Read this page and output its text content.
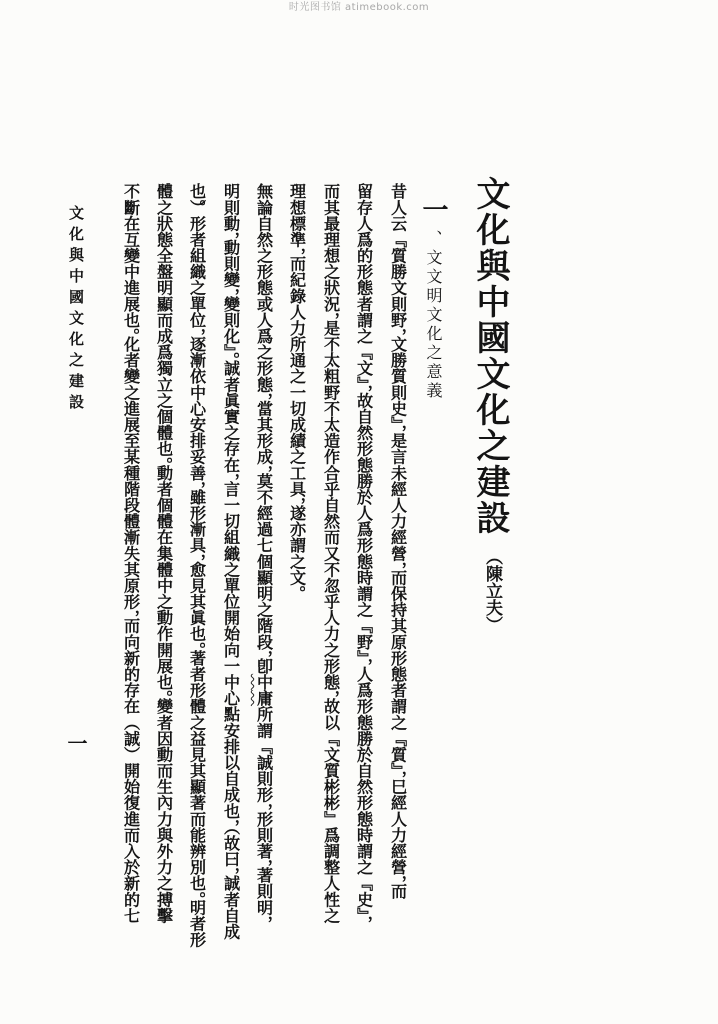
时光图书馆 atimebook.com
文化與中國文化之建設
（陳立夫）
一
、文文明文化之意義
昔人云『質勝文則野，文勝質則史』，是言未經人力經營，而保持其原形態者謂之『質』，巳經人力經營，而
留存人爲的形態者謂之『文』，故自然形態勝於人爲形態時謂之『野』，人爲形態勝於自然形態時謂之『史』，
而其最理想之狀況，是不太粗野不太造作合乎自然而又不忽乎人力之形態，故以『文質彬彬』爲調整人性之
理想標準，而紀錄人力所通之一切成績之工具，遂亦謂之文。
無論自然之形態或人爲之形態，當其形成，莫不經過七個顯明之階段，卽中庸所謂『誠則形，形則著，著則明，
明則動，動則變，變則化』。誠者眞實之存在，言一切組織之單位開始向一中心點安排以自成也，（故曰，誠者自成
也）形者組織之單位，逐漸依中心安排妥善，雖形漸具，愈見其眞也。著者形體之益見其顯著而能辨別也。明者形
體之狀態全盤明顯而成爲獨立之個體也。動者個體在集體中之動作開展也。變者因動而生內力與外力之搏擊
不斷在互變中進展也。化者變之進展至某種階段體漸失其原形，而向新的存在（誠）開始復進而入於新的七
文化與中國文化之建設
一
